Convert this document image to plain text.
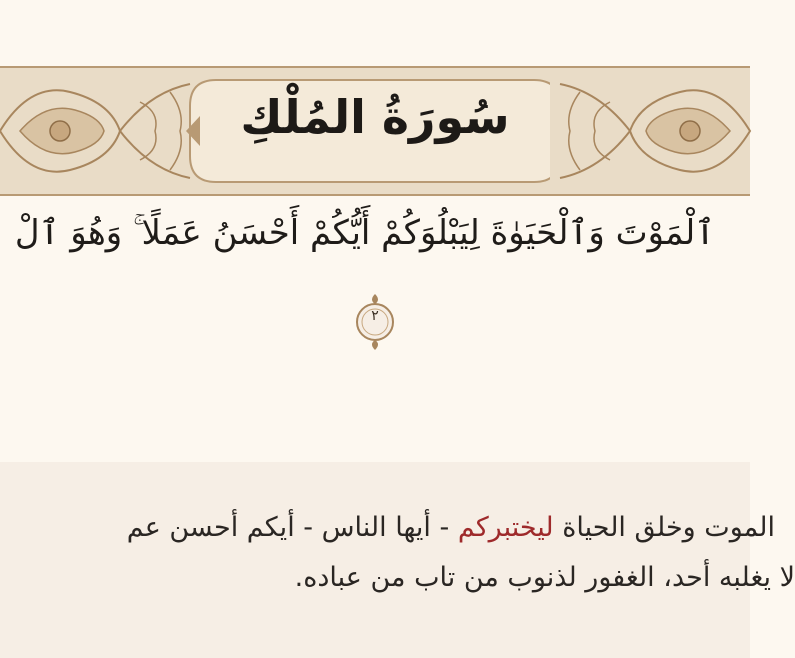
سُورَةُ المُلْكِ
ٱلْمَوْتَ وَٱلْحَيَوٰةَ لِيَبْلُوَكُمْ أَيُّكُمْ أَحْسَنُ عَمَلًا ۚ وَهُوَ ٱلْ
٢
الموت وخلق الحياة ليختبركم - أيها الناس - أيكم أحسن عم
لا يغلبه أحد، الغفور لذنوب من تاب من عباده.
